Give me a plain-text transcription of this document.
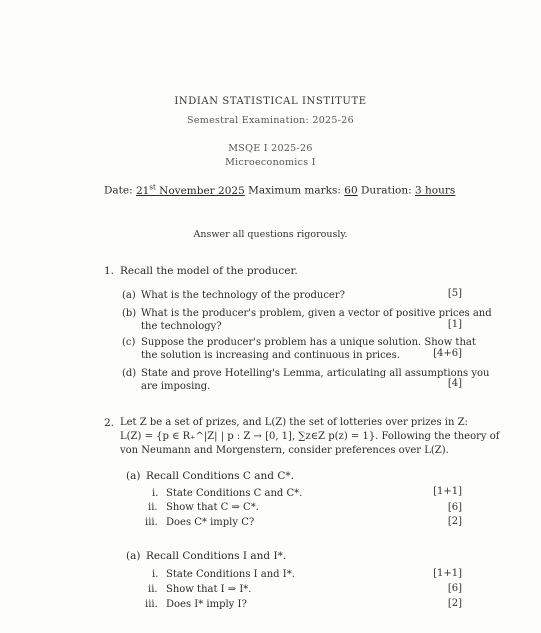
INDIAN STATISTICAL INSTITUTE
Semestral Examination: 2025-26
MSQE I 2025-26
Microeconomics I
Date: 21st November 2025 Maximum marks: 60 Duration: 3 hours
Answer all questions rigorously.
1. Recall the model of the producer.
(a) What is the technology of the producer?	[5]
(b) What is the producer's problem, given a vector of positive prices and
the technology?	[1]
(c) Suppose the producer's problem has a unique solution. Show that
the solution is increasing and continuous in prices.	[4+6]
(d) State and prove Hotelling's Lemma, articulating all assumptions you
are imposing.	[4]
2. Let Z be a set of prizes, and L(Z) the set of lotteries over prizes in Z:
L(Z) = {p ∈ R₊^|Z| | p : Z → [0, 1], ∑z∈Z p(z) = 1}. Following the theory of
von Neumann and Morgenstern, consider preferences over L(Z).
(a) Recall Conditions C and C*.
i. State Conditions C and C*.	[1+1]
ii. Show that C ⇒ C*.	[6]
iii. Does C* imply C?	[2]
(a) Recall Conditions I and I*.
i. State Conditions I and I*.	[1+1]
ii. Show that I ⇒ I*.	[6]
iii. Does I* imply I?	[2]
